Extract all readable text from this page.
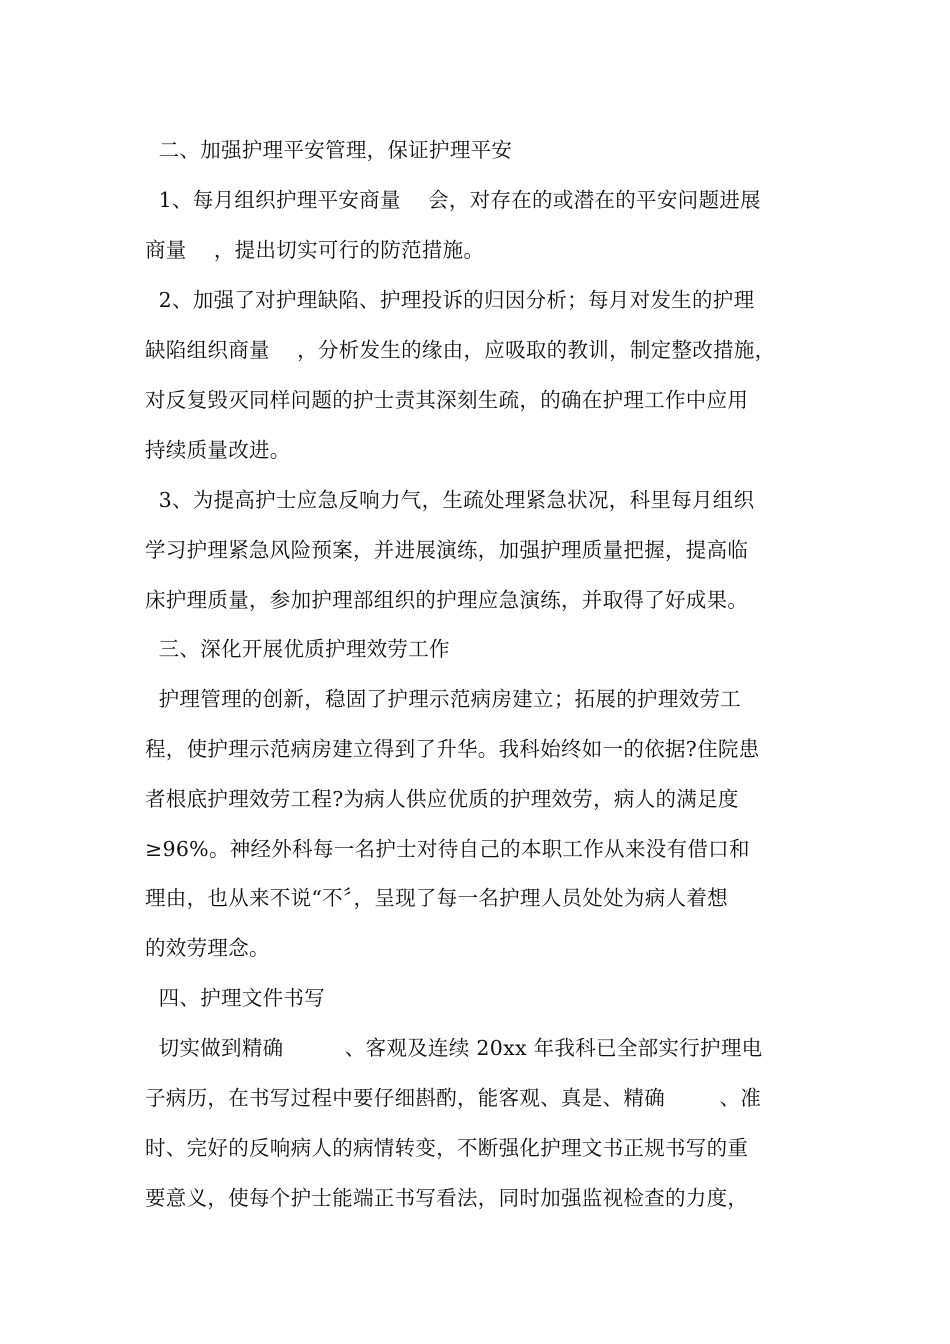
二、加强护理平安管理，保证护理平安
1、每月组织护理平安商量    会，对存在的或潜在的平安问题进展
商量    ，提出切实可行的防范措施。
2、加强了对护理缺陷、护理投诉的归因分析；每月对发生的护理
缺陷组织商量    ，分析发生的缘由，应吸取的教训，制定整改措施，
对反复毁灭同样问题的护士责其深刻生疏，的确在护理工作中应用
持续质量改进。
3、为提高护士应急反响力气，生疏处理紧急状况，科里每月组织
学习护理紧急风险预案，并进展演练，加强护理质量把握，提高临
床护理质量，参加护理部组织的护理应急演练，并取得了好成果。
三、深化开展优质护理效劳工作
护理管理的创新，稳固了护理示范病房建立；拓展的护理效劳工
程，使护理示范病房建立得到了升华。我科始终如一的依据?住院患
者根底护理效劳工程?为病人供应优质的护理效劳，病人的满足度
≥96%。神经外科每一名护士对待自己的本职工作从来没有借口和
理由，也从来不说“不〞，呈现了每一名护理人员处处为病人着想
的效劳理念。
四、护理文件书写
切实做到精确         、客观及连续 20xx 年我科已全部实行护理电
子病历，在书写过程中要仔细斟酌，能客观、真是、精确        、准
时、完好的反响病人的病情转变，不断强化护理文书正规书写的重
要意义，使每个护士能端正书写看法，同时加强监视检查的力度，
